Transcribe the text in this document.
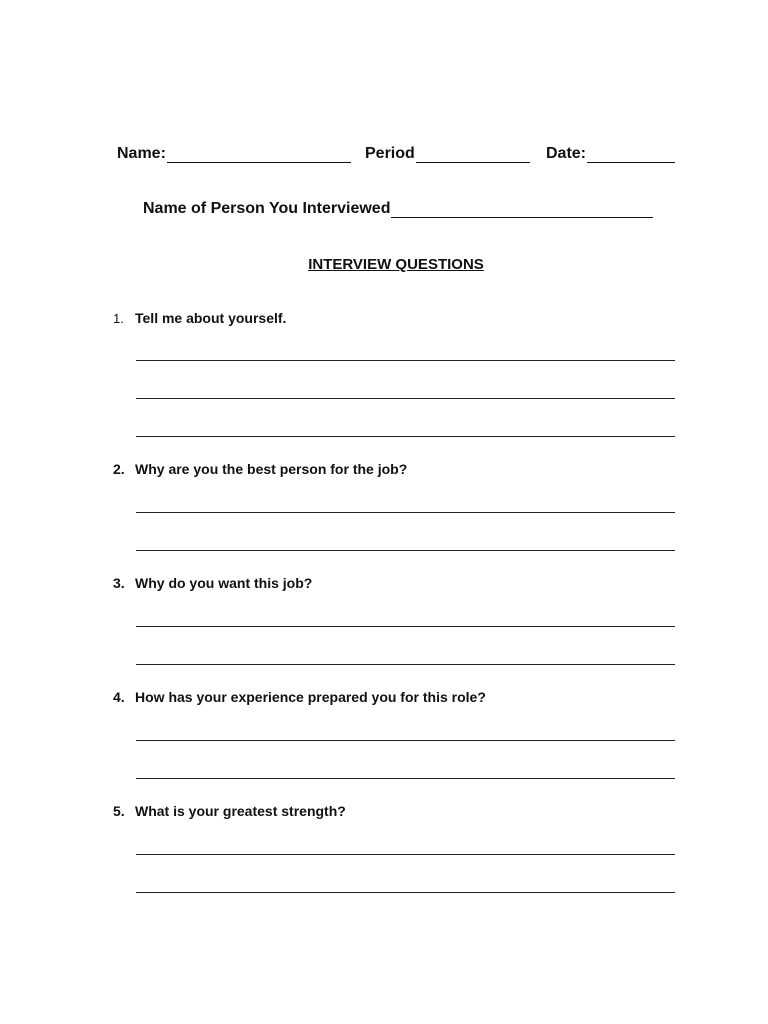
Name:	Period	Date:
Name of Person You Interviewed
INTERVIEW QUESTIONS
1. Tell me about yourself.
2. Why are you the best person for the job?
3. Why do you want this job?
4. How has your experience prepared you for this role?
5. What is your greatest strength?
